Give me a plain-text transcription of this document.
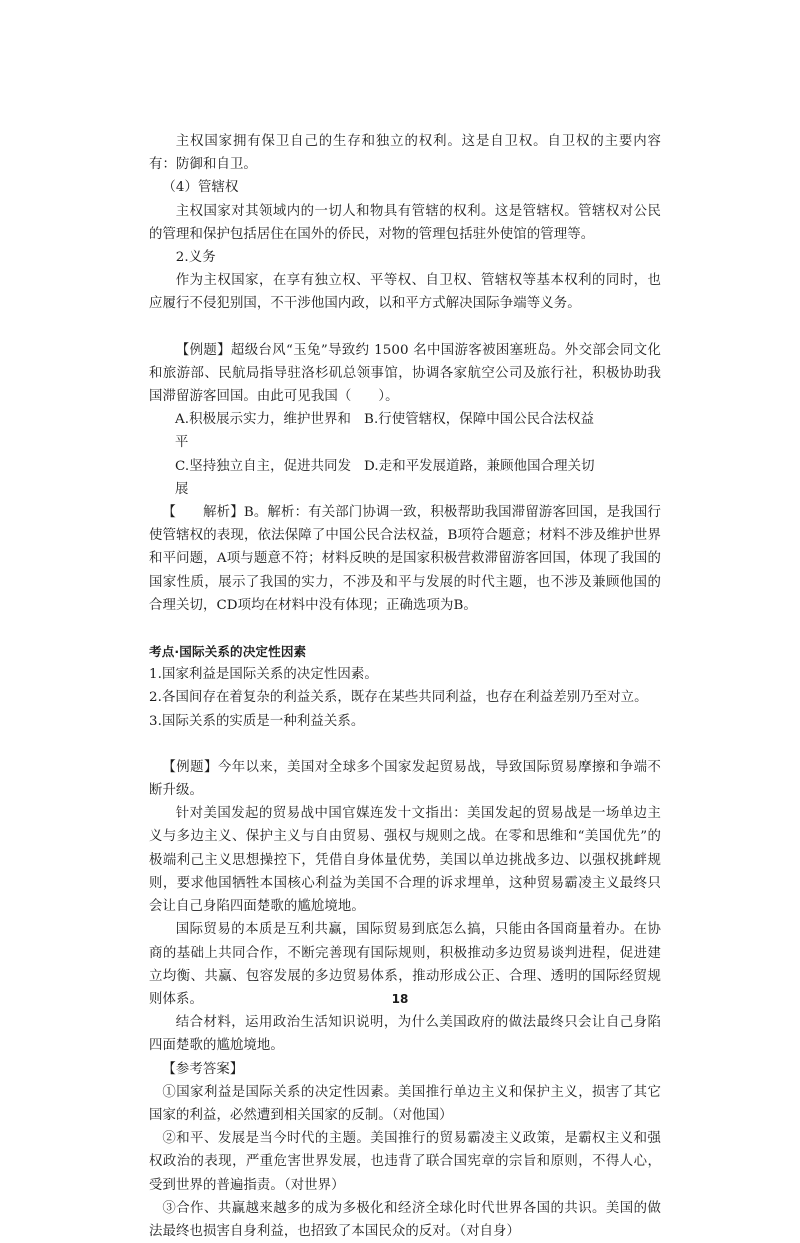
主权国家拥有保卫自己的生存和独立的权利。这是自卫权。自卫权的主要内容有：防御和自卫。

（4）管辖权

主权国家对其领域内的一切人和物具有管辖的权利。这是管辖权。管辖权对公民的管理和保护包括居住在国外的侨民，对物的管理包括驻外使馆的管理等。

2.义务

作为主权国家，在享有独立权、平等权、自卫权、管辖权等基本权利的同时，也应履行不侵犯别国，不干涉他国内政，以和平方式解决国际争端等义务。

【例题】超级台风“玉兔”导致约 1500 名中国游客被困塞班岛。外交部会同文化和旅游部、民航局指导驻洛杉矶总领事馆，协调各家航空公司及旅行社，积极协助我国滞留游客回国。由此可见我国（　　）。

A.积极展示实力，维护世界和平
B.行使管辖权，保障中国公民合法权益
C.坚持独立自主，促进共同发展
D.走和平发展道路，兼顾他国合理关切

【　　解析】B。解析：有关部门协调一致，积极帮助我国滞留游客回国，是我国行使管辖权的表现，依法保障了中国公民合法权益，B项符合题意；材料不涉及维护世界和平问题，A项与题意不符；材料反映的是国家积极营救滞留游客回国，体现了我国的国家性质，展示了我国的实力，不涉及和平与发展的时代主题，也不涉及兼顾他国的合理关切，CD项均在材料中没有体现；正确选项为B。

考点·国际关系的决定性因素

1.国家利益是国际关系的决定性因素。

2.各国间存在着复杂的利益关系，既存在某些共同利益，也存在利益差别乃至对立。

3.国际关系的实质是一种利益关系。

【例题】今年以来，美国对全球多个国家发起贸易战，导致国际贸易摩擦和争端不断升级。

针对美国发起的贸易战中国官媒连发十文指出：美国发起的贸易战是一场单边主义与多边主义、保护主义与自由贸易、强权与规则之战。在零和思维和“美国优先”的极端利己主义思想操控下，凭借自身体量优势，美国以单边挑战多边、以强权挑衅规则，要求他国牺牲本国核心利益为美国不合理的诉求埋单，这种贸易霸凌主义最终只会让自己身陷四面楚歌的尴尬境地。

国际贸易的本质是互利共赢，国际贸易到底怎么搞，只能由各国商量着办。在协商的基础上共同合作，不断完善现有国际规则，积极推动多边贸易谈判进程，促进建立均衡、共赢、包容发展的多边贸易体系，推动形成公正、合理、透明的国际经贸规则体系。

结合材料，运用政治生活知识说明，为什么美国政府的做法最终只会让自己身陷四面楚歌的尴尬境地。

【参考答案】

①国家利益是国际关系的决定性因素。美国推行单边主义和保护主义，损害了其它国家的利益，必然遭到相关国家的反制。（对他国）

②和平、发展是当今时代的主题。美国推行的贸易霸凌主义政策，是霸权主义和强权政治的表现，严重危害世界发展，也违背了联合国宪章的宗旨和原则，不得人心，受到世界的普遍指责。（对世界）

③合作、共赢越来越多的成为多极化和经济全球化时代世界各国的共识。美国的做法最终也损害自身利益，也招致了本国民众的反对。（对自身）

18
